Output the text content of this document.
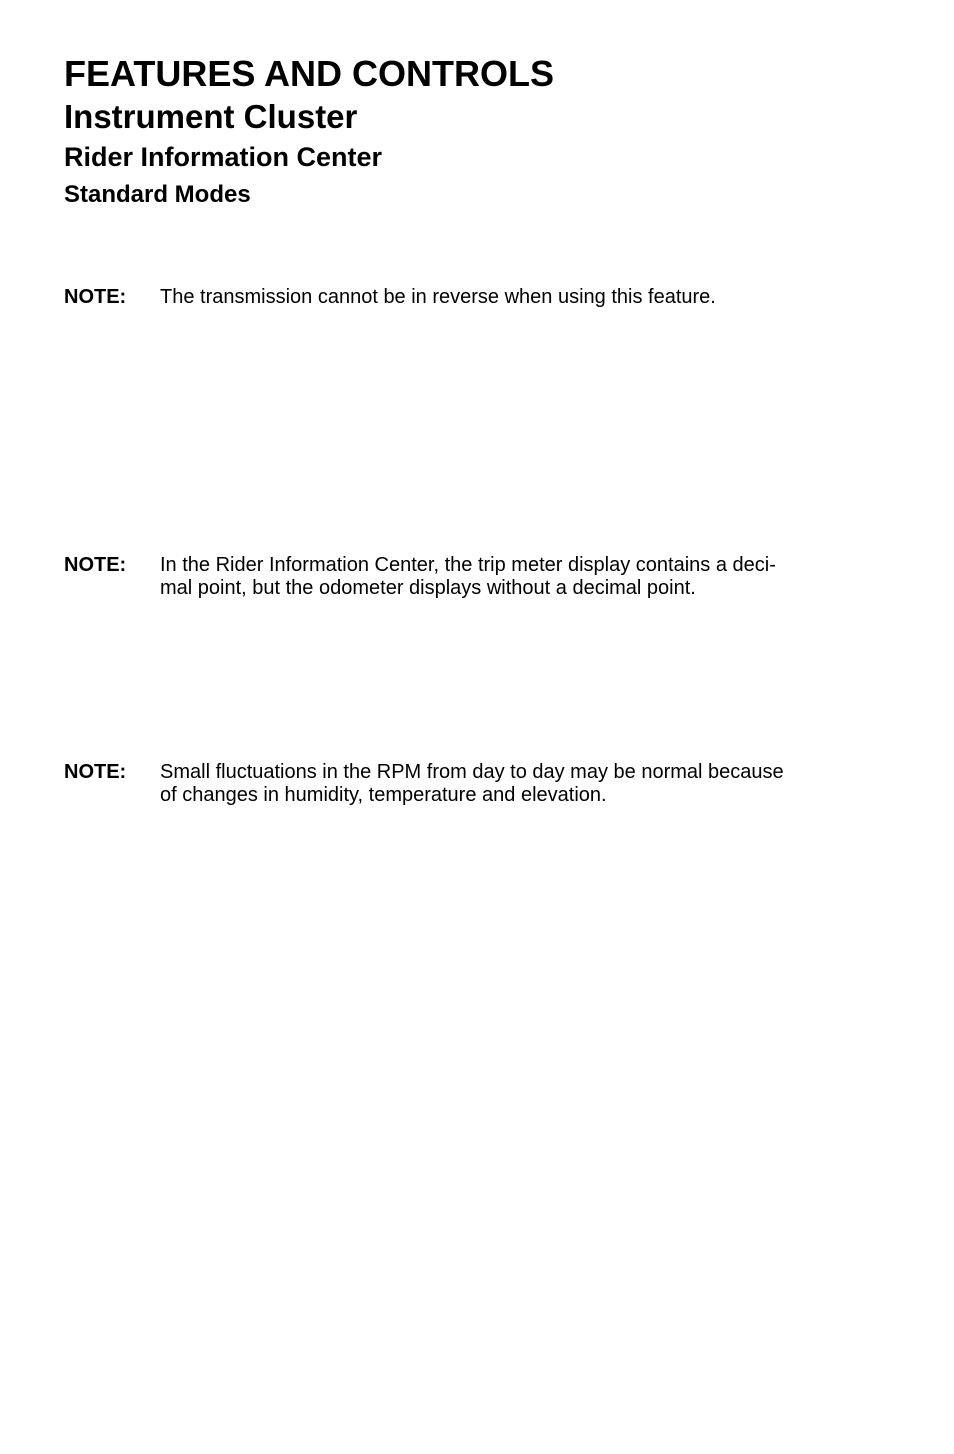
FEATURES AND CONTROLS
Instrument Cluster
Rider Information Center
Standard Modes
NOTE: The transmission cannot be in reverse when using this feature.
NOTE: In the Rider Information Center, the trip meter display contains a deci-
mal point, but the odometer displays without a decimal point.
NOTE: Small fluctuations in the RPM from day to day may be normal because
of changes in humidity, temperature and elevation.
